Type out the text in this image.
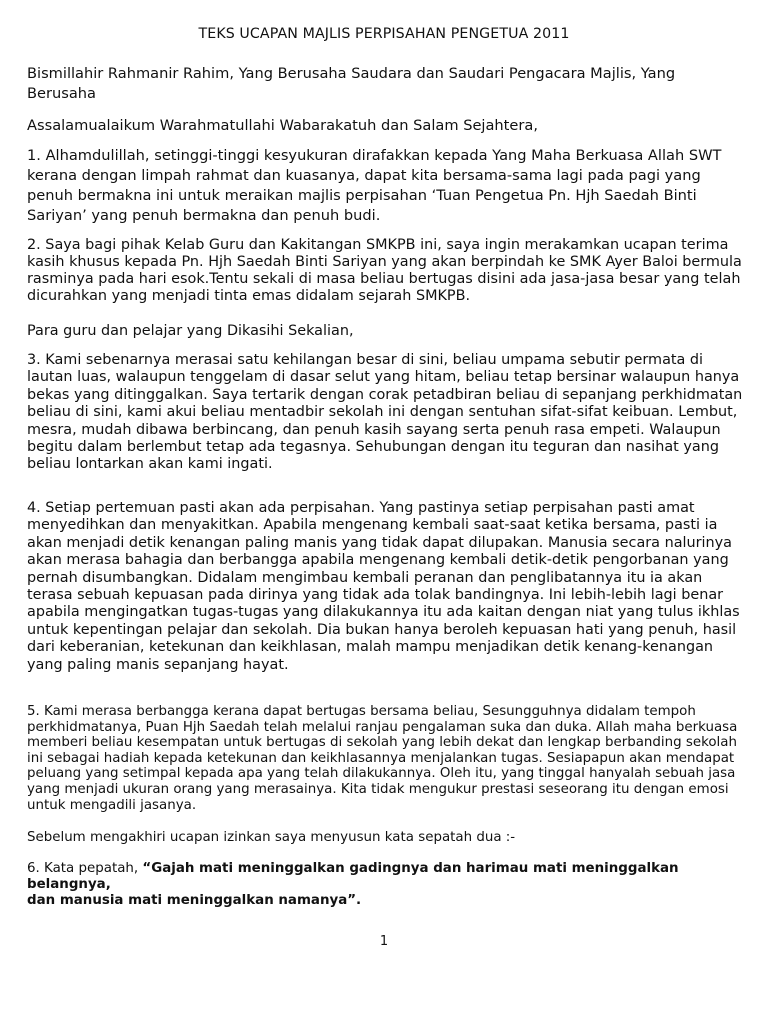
TEKS UCAPAN MAJLIS PERPISAHAN PENGETUA 2011

Bismillahir Rahmanir Rahim, Yang Berusaha Saudara dan Saudari Pengacara Majlis, Yang Berusaha

Assalamualaikum Warahmatullahi Wabarakatuh dan Salam Sejahtera,

1. Alhamdulillah, setinggi-tinggi kesyukuran dirafakkan kepada Yang Maha Berkuasa Allah SWT kerana dengan limpah rahmat dan kuasanya, dapat kita bersama-sama lagi pada pagi yang penuh bermakna ini untuk meraikan majlis perpisahan ‘Tuan Pengetua Pn. Hjh Saedah Binti Sariyan’ yang penuh bermakna dan penuh budi.

2. Saya bagi pihak Kelab Guru dan Kakitangan SMKPB ini, saya ingin merakamkan ucapan terima kasih khusus kepada Pn. Hjh Saedah Binti Sariyan yang akan berpindah ke SMK Ayer Baloi bermula rasminya pada hari esok.Tentu sekali di masa beliau bertugas disini ada jasa-jasa besar yang telah dicurahkan yang menjadi tinta emas didalam sejarah SMKPB.

Para guru dan pelajar yang Dikasihi Sekalian,

3. Kami sebenarnya merasai satu kehilangan besar di sini, beliau umpama sebutir permata di lautan luas, walaupun tenggelam di dasar selut yang hitam, beliau tetap bersinar walaupun hanya bekas yang ditinggalkan. Saya tertarik dengan corak petadbiran beliau di sepanjang perkhidmatan beliau di sini, kami akui beliau mentadbir sekolah ini dengan sentuhan sifat-sifat keibuan. Lembut, mesra, mudah dibawa berbincang, dan penuh kasih sayang serta penuh rasa empeti. Walaupun begitu dalam berlembut tetap ada tegasnya. Sehubungan dengan itu teguran dan nasihat yang beliau lontarkan akan kami ingati.

4. Setiap pertemuan pasti akan ada perpisahan. Yang pastinya setiap perpisahan pasti amat menyedihkan dan menyakitkan. Apabila mengenang kembali saat-saat ketika bersama, pasti ia akan menjadi detik kenangan paling manis yang tidak dapat dilupakan. Manusia secara nalurinya akan merasa bahagia dan berbangga apabila mengenang kembali detik-detik pengorbanan yang pernah disumbangkan. Didalam mengimbau kembali peranan dan penglibatannya itu ia akan terasa sebuah kepuasan pada dirinya yang tidak ada tolak bandingnya. Ini lebih-lebih lagi benar apabila mengingatkan tugas-tugas yang dilakukannya itu ada kaitan dengan niat yang tulus ikhlas untuk kepentingan pelajar dan sekolah. Dia bukan hanya beroleh kepuasan hati yang penuh, hasil dari keberanian, ketekunan dan keikhlasan, malah mampu menjadikan detik kenang-kenangan yang paling manis sepanjang hayat.

5. Kami merasa berbangga kerana dapat bertugas bersama beliau, Sesungguhnya didalam tempoh perkhidmatanya, Puan Hjh Saedah telah melalui ranjau pengalaman suka dan duka. Allah maha berkuasa memberi beliau kesempatan untuk bertugas di sekolah yang lebih dekat dan lengkap berbanding sekolah ini sebagai hadiah kepada ketekunan dan keikhlasannya menjalankan tugas. Sesiapapun akan mendapat peluang yang setimpal kepada apa yang telah dilakukannya. Oleh itu, yang tinggal hanyalah sebuah jasa yang menjadi ukuran orang yang merasainya. Kita tidak mengukur prestasi seseorang itu dengan emosi untuk mengadili jasanya.

Sebelum mengakhiri ucapan izinkan saya menyusun kata sepatah dua :-

6. Kata pepatah, “Gajah mati meninggalkan gadingnya dan harimau mati meninggalkan belangnya,
dan manusia mati meninggalkan namanya”.

1
